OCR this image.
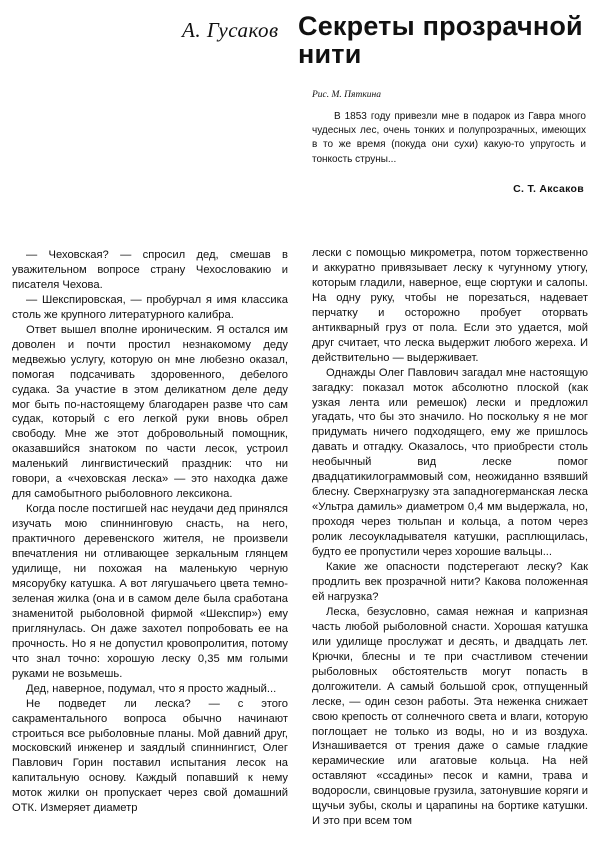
А. Гусаков Секреты прозрачной нити
Рис. М. Пяткина

В 1853 году привезли мне в подарок из Гавра много чудесных лес, очень тонких и полупрозрачных, имеющих в то же время (покуда они сухи) какую-то упругость и тонкость струны...

С. Т. Аксаков

— Чеховская? — спросил дед, смешав в уважительном вопросе страну Чехословакию и писателя Чехова.

— Шекспировская, — пробурчал я имя классика столь же крупного литературного калибра.

Ответ вышел вполне ироническим. Я остался им доволен и почти простил незнакомому деду медвежью услугу, которую он мне любезно оказал, помогая подсачивать здоровенного, дебелого судака. За участие в этом деликатном деле деду мог быть по-настоящему благодарен разве что сам судак, который с его легкой руки вновь обрел свободу. Мне же этот добровольный помощник, оказавшийся знатоком по части лесок, устроил маленький лингвистический праздник: что ни говори, а «чеховская леска» — это находка даже для самобытного рыболовного лексикона.

Когда после постигшей нас неудачи дед принялся изучать мою спиннинговую снасть, на него, практичного деревенского жителя, не произвели впечатления ни отливающее зеркальным глянцем удилище, ни похожая на маленькую черную мясорубку катушка. А вот лягушачьего цвета темно-зеленая жилка (она и в самом деле была сработана знаменитой рыболовной фирмой «Шекспир») ему приглянулась. Он даже захотел попробовать ее на прочность. Но я не допустил кровопролития, потому что знал точно: хорошую леску 0,35 мм голыми руками не возьмешь.

Дед, наверное, подумал, что я просто жадный...

Не подведет ли леска? — с этого сакраментального вопроса обычно начинают строиться все рыболовные планы. Мой давний друг, московский инженер и заядлый спиннингист, Олег Павлович Горин поставил испытания лесок на капитальную основу. Каждый попавший к нему моток жилки он пропускает через свой домашний ОТК. Измеряет диаметр

лески с помощью микрометра, потом торжественно и аккуратно привязывает леску к чугунному утюгу, которым гладили, наверное, еще сюртуки и салопы. На одну руку, чтобы не порезаться, надевает перчатку и осторожно пробует оторвать антикварный груз от пола. Если это удается, мой друг считает, что леска выдержит любого жереха. И действительно — выдерживает.

Однажды Олег Павлович загадал мне настоящую загадку: показал моток абсолютно плоской (как узкая лента или ремешок) лески и предложил угадать, что бы это значило. Но поскольку я не мог придумать ничего подходящего, ему же пришлось давать и отгадку. Оказалось, что приобрести столь необычный вид леске помог двадцатикилограммовый сом, неожиданно взявший блесну. Сверхнагрузку эта западногерманская леска «Ультра дамиль» диаметром 0,4 мм выдержала, но, проходя через тюльпан и кольца, а потом через ролик лесоукладывателя катушки, расплющилась, будто ее пропустили через хорошие вальцы...

Какие же опасности подстерегают леску? Как продлить век прозрачной нити? Какова положенная ей нагрузка?

Леска, безусловно, самая нежная и капризная часть любой рыболовной снасти. Хорошая катушка или удилище прослужат и десять, и двадцать лет. Крючки, блесны и те при счастливом стечении рыболовных обстоятельств могут попасть в долгожители. А самый большой срок, отпущенный леске, — один сезон работы. Эта неженка снижает свою крепость от солнечного света и влаги, которую поглощает не только из воды, но и из воздуха. Изнашивается от трения даже о самые гладкие керамические или агатовые кольца. На ней оставляют «ссадины» песок и камни, трава и водоросли, свинцовые грузила, затонувшие коряги и щучьи зубы, сколы и царапины на бортике катушки. И это при всем том
